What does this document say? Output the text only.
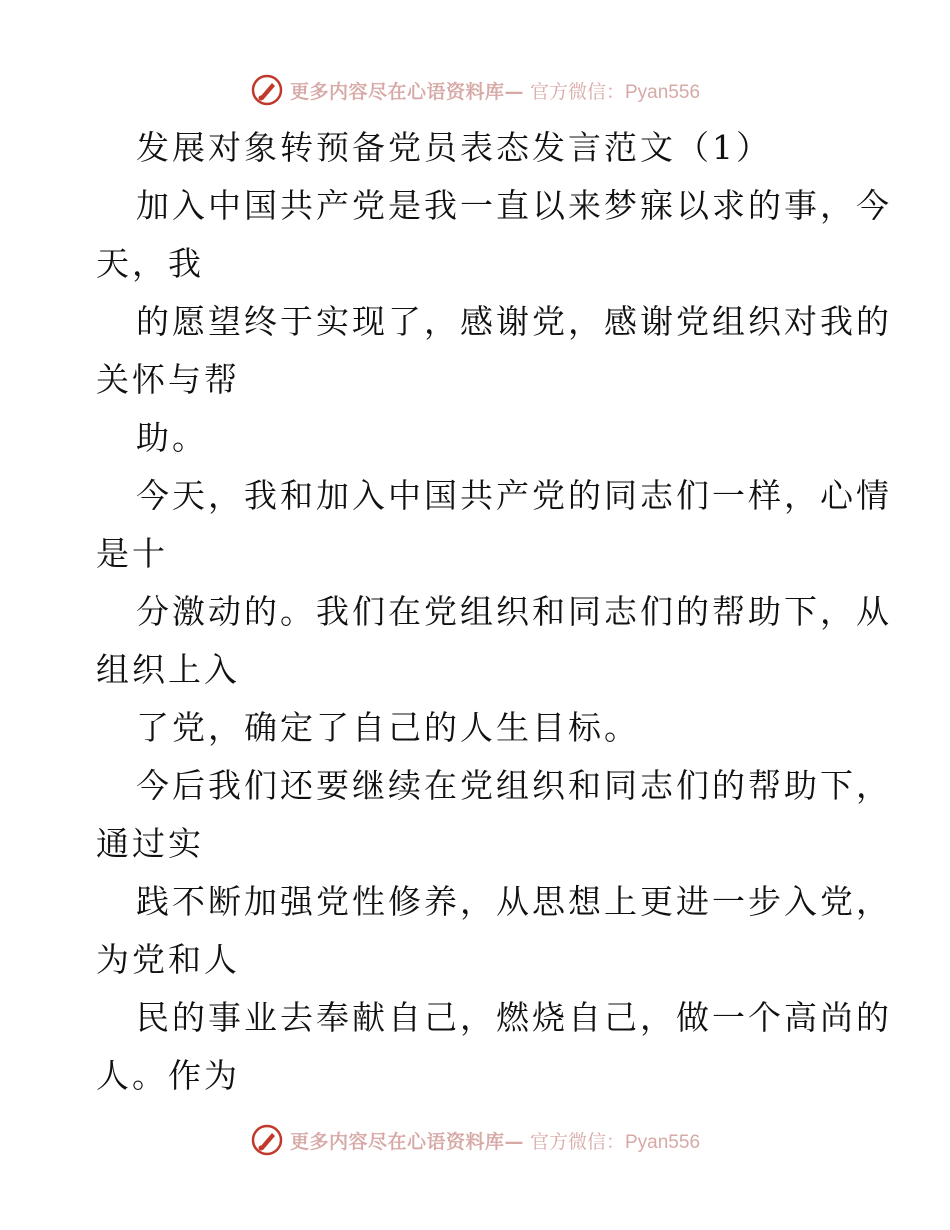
更多内容尽在心语资料库— 官方微信：Pyan556
发展对象转预备党员表态发言范文（1）
加入中国共产党是我一直以来梦寐以求的事，今
天，我
的愿望终于实现了，感谢党，感谢党组织对我的
关怀与帮
助。
今天，我和加入中国共产党的同志们一样，心情
是十
分激动的。我们在党组织和同志们的帮助下，从
组织上入
了党，确定了自己的人生目标。
今后我们还要继续在党组织和同志们的帮助下，
通过实
践不断加强党性修养，从思想上更进一步入党，
为党和人
民的事业去奉献自己，燃烧自己，做一个高尚的
人。作为
更多内容尽在心语资料库— 官方微信：Pyan556
